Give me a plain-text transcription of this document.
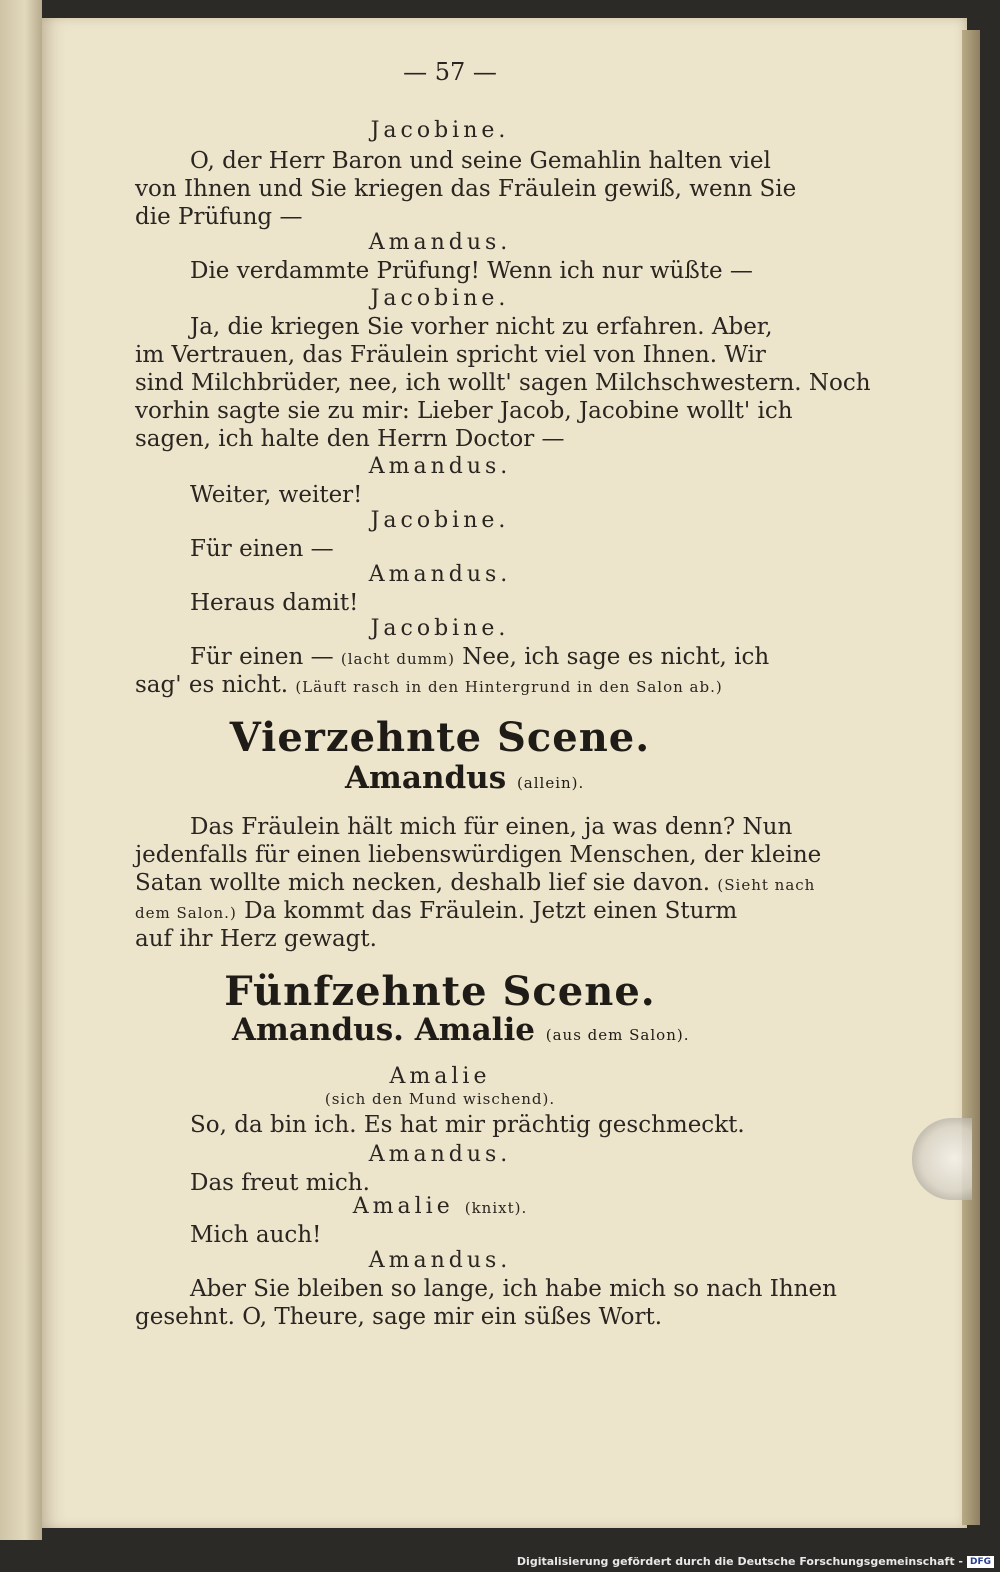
— 57 —
Jacobine.
O, der Herr Baron und seine Gemahlin halten viel
von Ihnen und Sie kriegen das Fräulein gewiß, wenn Sie
die Prüfung —
Amandus.
Die verdammte Prüfung! Wenn ich nur wüßte —
Jacobine.
Ja, die kriegen Sie vorher nicht zu erfahren. Aber,
im Vertrauen, das Fräulein spricht viel von Ihnen. Wir
sind Milchbrüder, nee, ich wollt' sagen Milchschwestern. Noch
vorhin sagte sie zu mir: Lieber Jacob, Jacobine wollt' ich
sagen, ich halte den Herrn Doctor —
Amandus.
Weiter, weiter!
Jacobine.
Für einen —
Amandus.
Heraus damit!
Jacobine.
Für einen — (lacht dumm) Nee, ich sage es nicht, ich
sag' es nicht. (Läuft rasch in den Hintergrund in den Salon ab.)
Vierzehnte Scene.
Amandus (allein).
Das Fräulein hält mich für einen, ja was denn? Nun
jedenfalls für einen liebenswürdigen Menschen, der kleine
Satan wollte mich necken, deshalb lief sie davon. (Sieht nach
dem Salon.) Da kommt das Fräulein. Jetzt einen Sturm
auf ihr Herz gewagt.
Fünfzehnte Scene.
Amandus. Amalie (aus dem Salon).
Amalie
(sich den Mund wischend).
So, da bin ich. Es hat mir prächtig geschmeckt.
Amandus.
Das freut mich.
Amalie (knixt).
Mich auch!
Amandus.
Aber Sie bleiben so lange, ich habe mich so nach Ihnen
gesehnt. O, Theure, sage mir ein süßes Wort.
Digitalisierung gefördert durch die Deutsche Forschungsgemeinschaft - DFG
